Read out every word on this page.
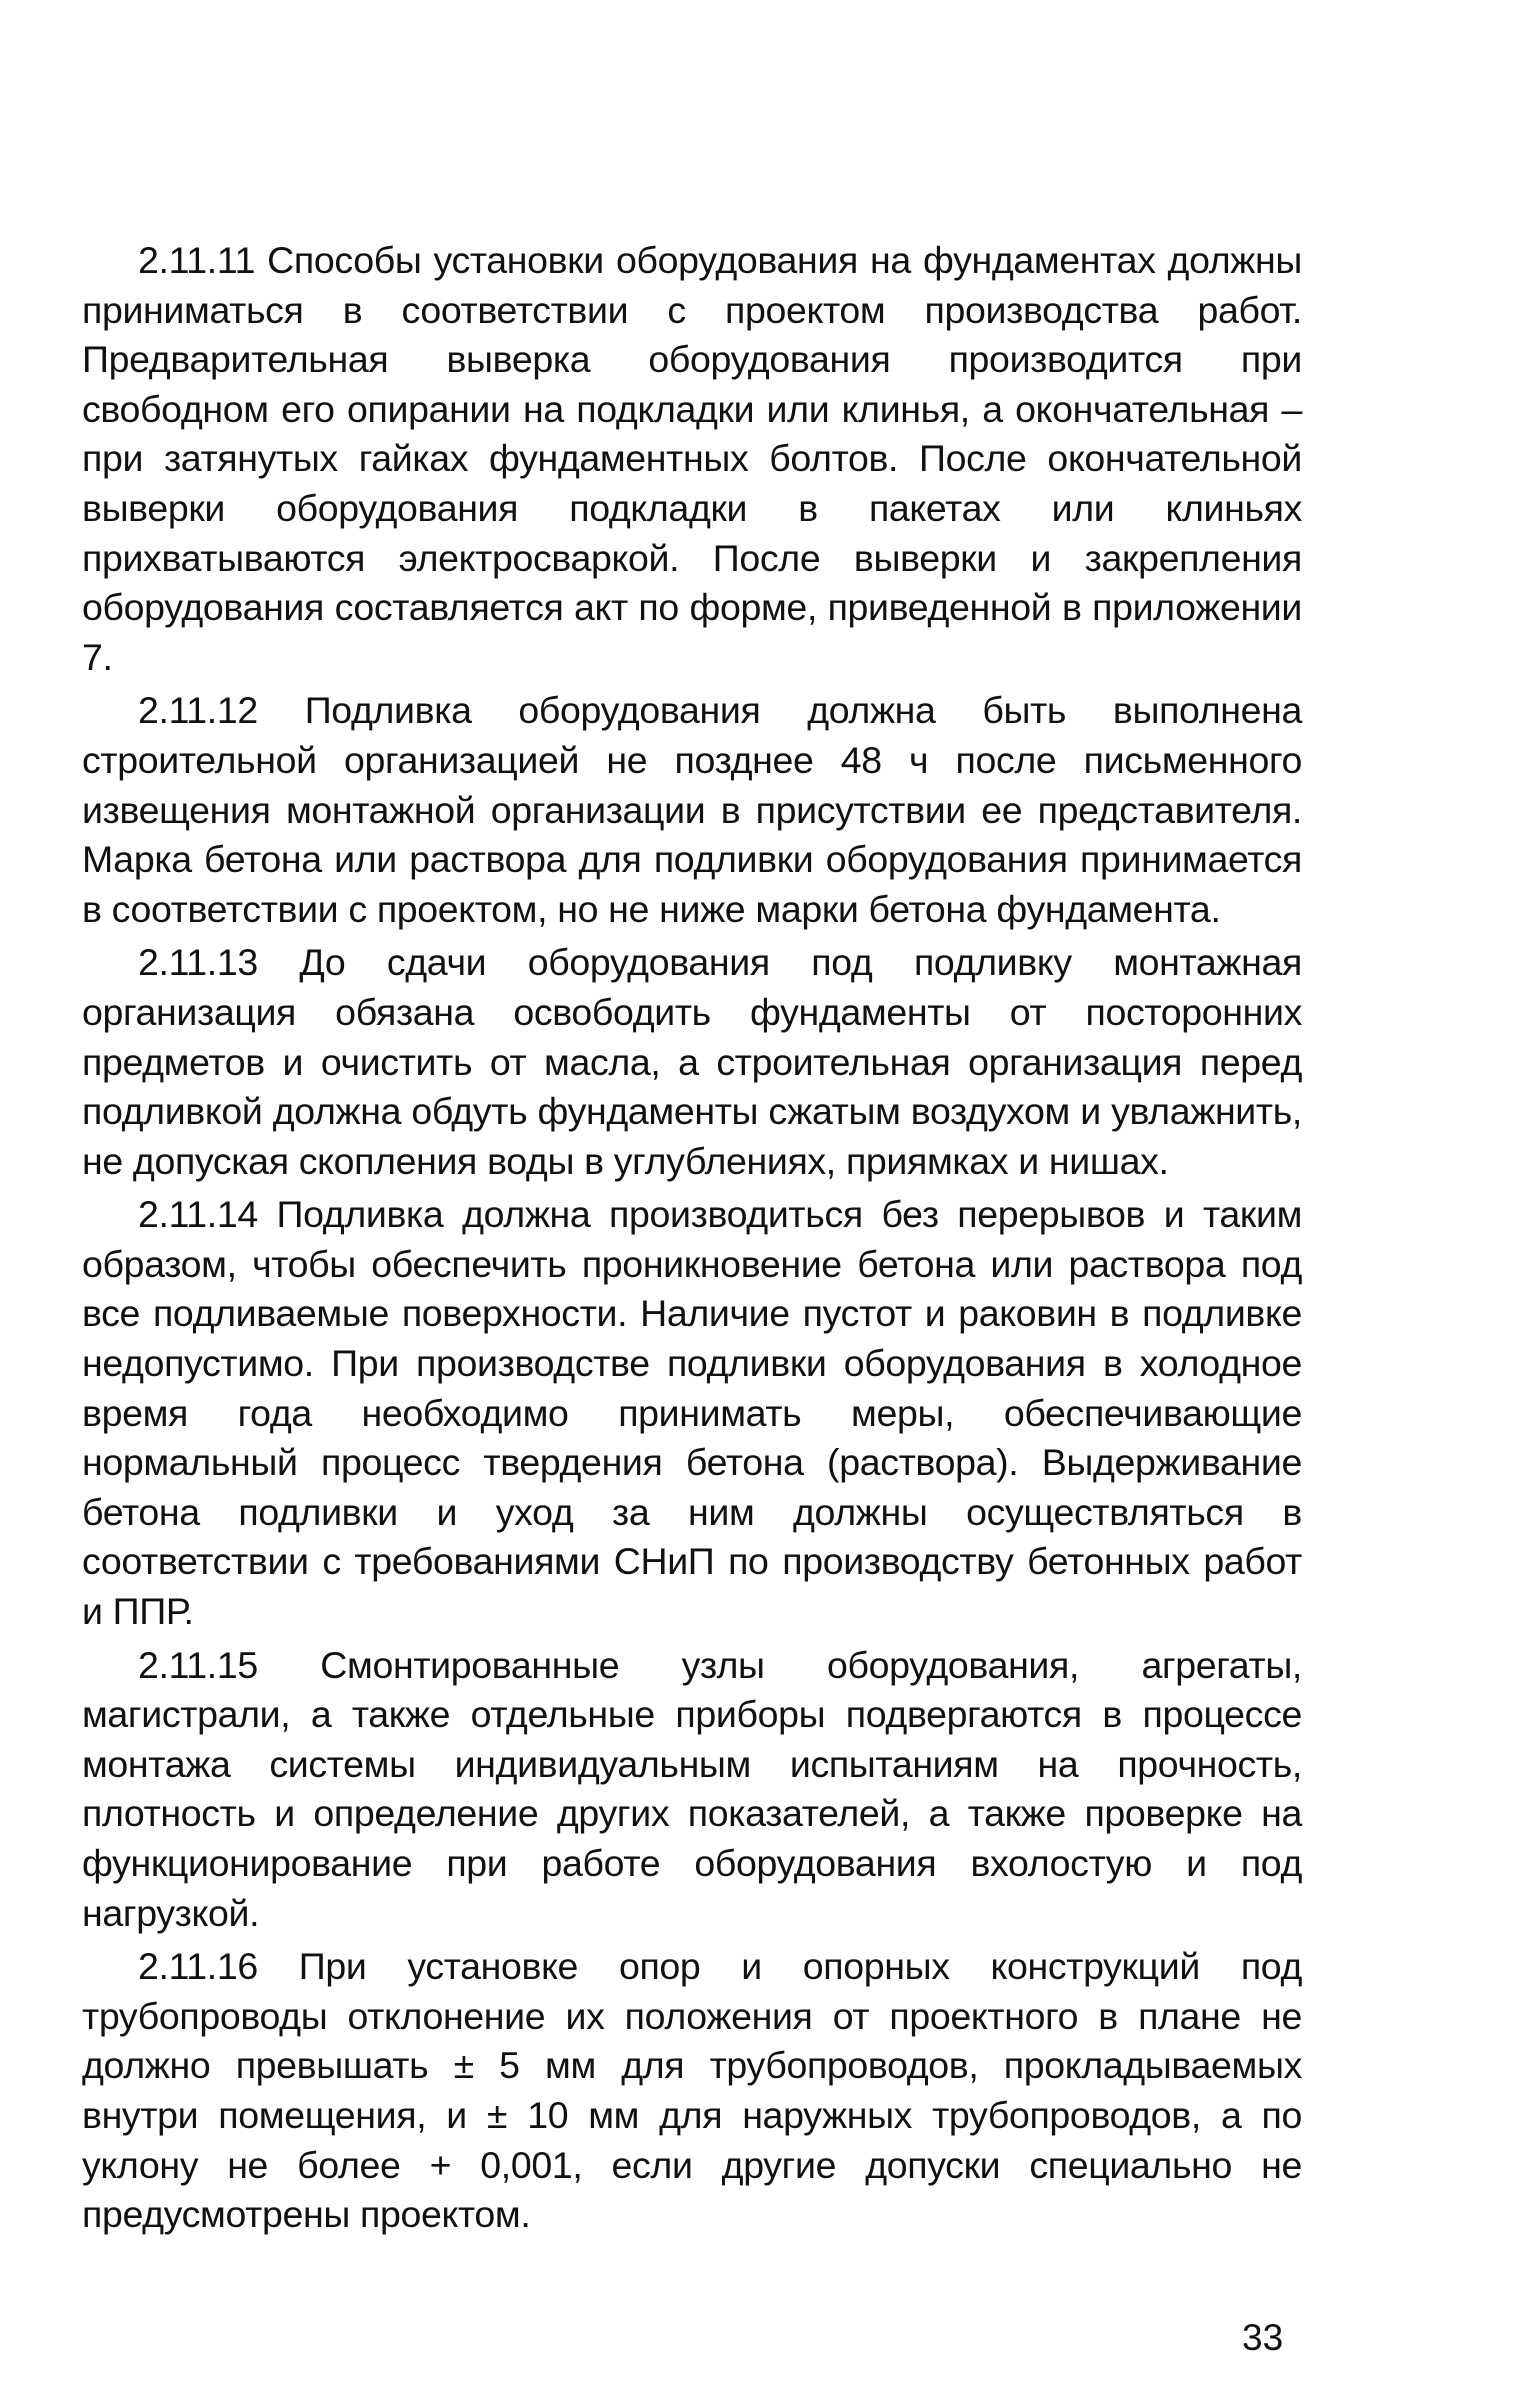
2.11.11 Способы установки оборудования на фундаментах должны приниматься в соответствии с проектом производства работ. Предварительная выверка оборудования производится при свободном его опирании на подкладки или клинья, а окончательная – при затянутых гайках фундаментных болтов. После окончательной выверки оборудования подкладки в пакетах или клиньях прихватываются электросваркой. После выверки и закрепления оборудования составляется акт по форме, приведенной в приложении 7.

2.11.12 Подливка оборудования должна быть выполнена строительной организацией не позднее 48 ч после письменного извещения монтажной организации в присутствии ее представителя. Марка бетона или раствора для подливки оборудования принимается в соответствии с проектом, но не ниже марки бетона фундамента.

2.11.13 До сдачи оборудования под подливку монтажная организация обязана освободить фундаменты от посторонних предметов и очистить от масла, а строительная организация перед подливкой должна обдуть фундаменты сжатым воздухом и увлажнить, не допуская скопления воды в углублениях, приямках и нишах.

2.11.14 Подливка должна производиться без перерывов и таким образом, чтобы обеспечить проникновение бетона или раствора под все подливаемые поверхности. Наличие пустот и раковин в подливке недопустимо. При производстве подливки оборудования в холодное время года необходимо принимать меры, обеспечивающие нормальный процесс твердения бетона (раствора). Выдерживание бетона подливки и уход за ним должны осуществляться в соответствии с требованиями СНиП по производству бетонных работ и ППР.

2.11.15 Смонтированные узлы оборудования, агрегаты, магистрали, а также отдельные приборы подвергаются в процессе монтажа системы индивидуальным испытаниям на прочность, плотность и определение других показателей, а также проверке на функционирование при работе оборудования вхолостую и под нагрузкой.

2.11.16 При установке опор и опорных конструкций под трубопроводы отклонение их положения от проектного в плане не должно превышать ± 5 мм для трубопроводов, прокладываемых внутри помещения, и ± 10 мм для наружных трубопроводов, а по уклону не более + 0,001, если другие допуски специально не предусмотрены проектом.

33
